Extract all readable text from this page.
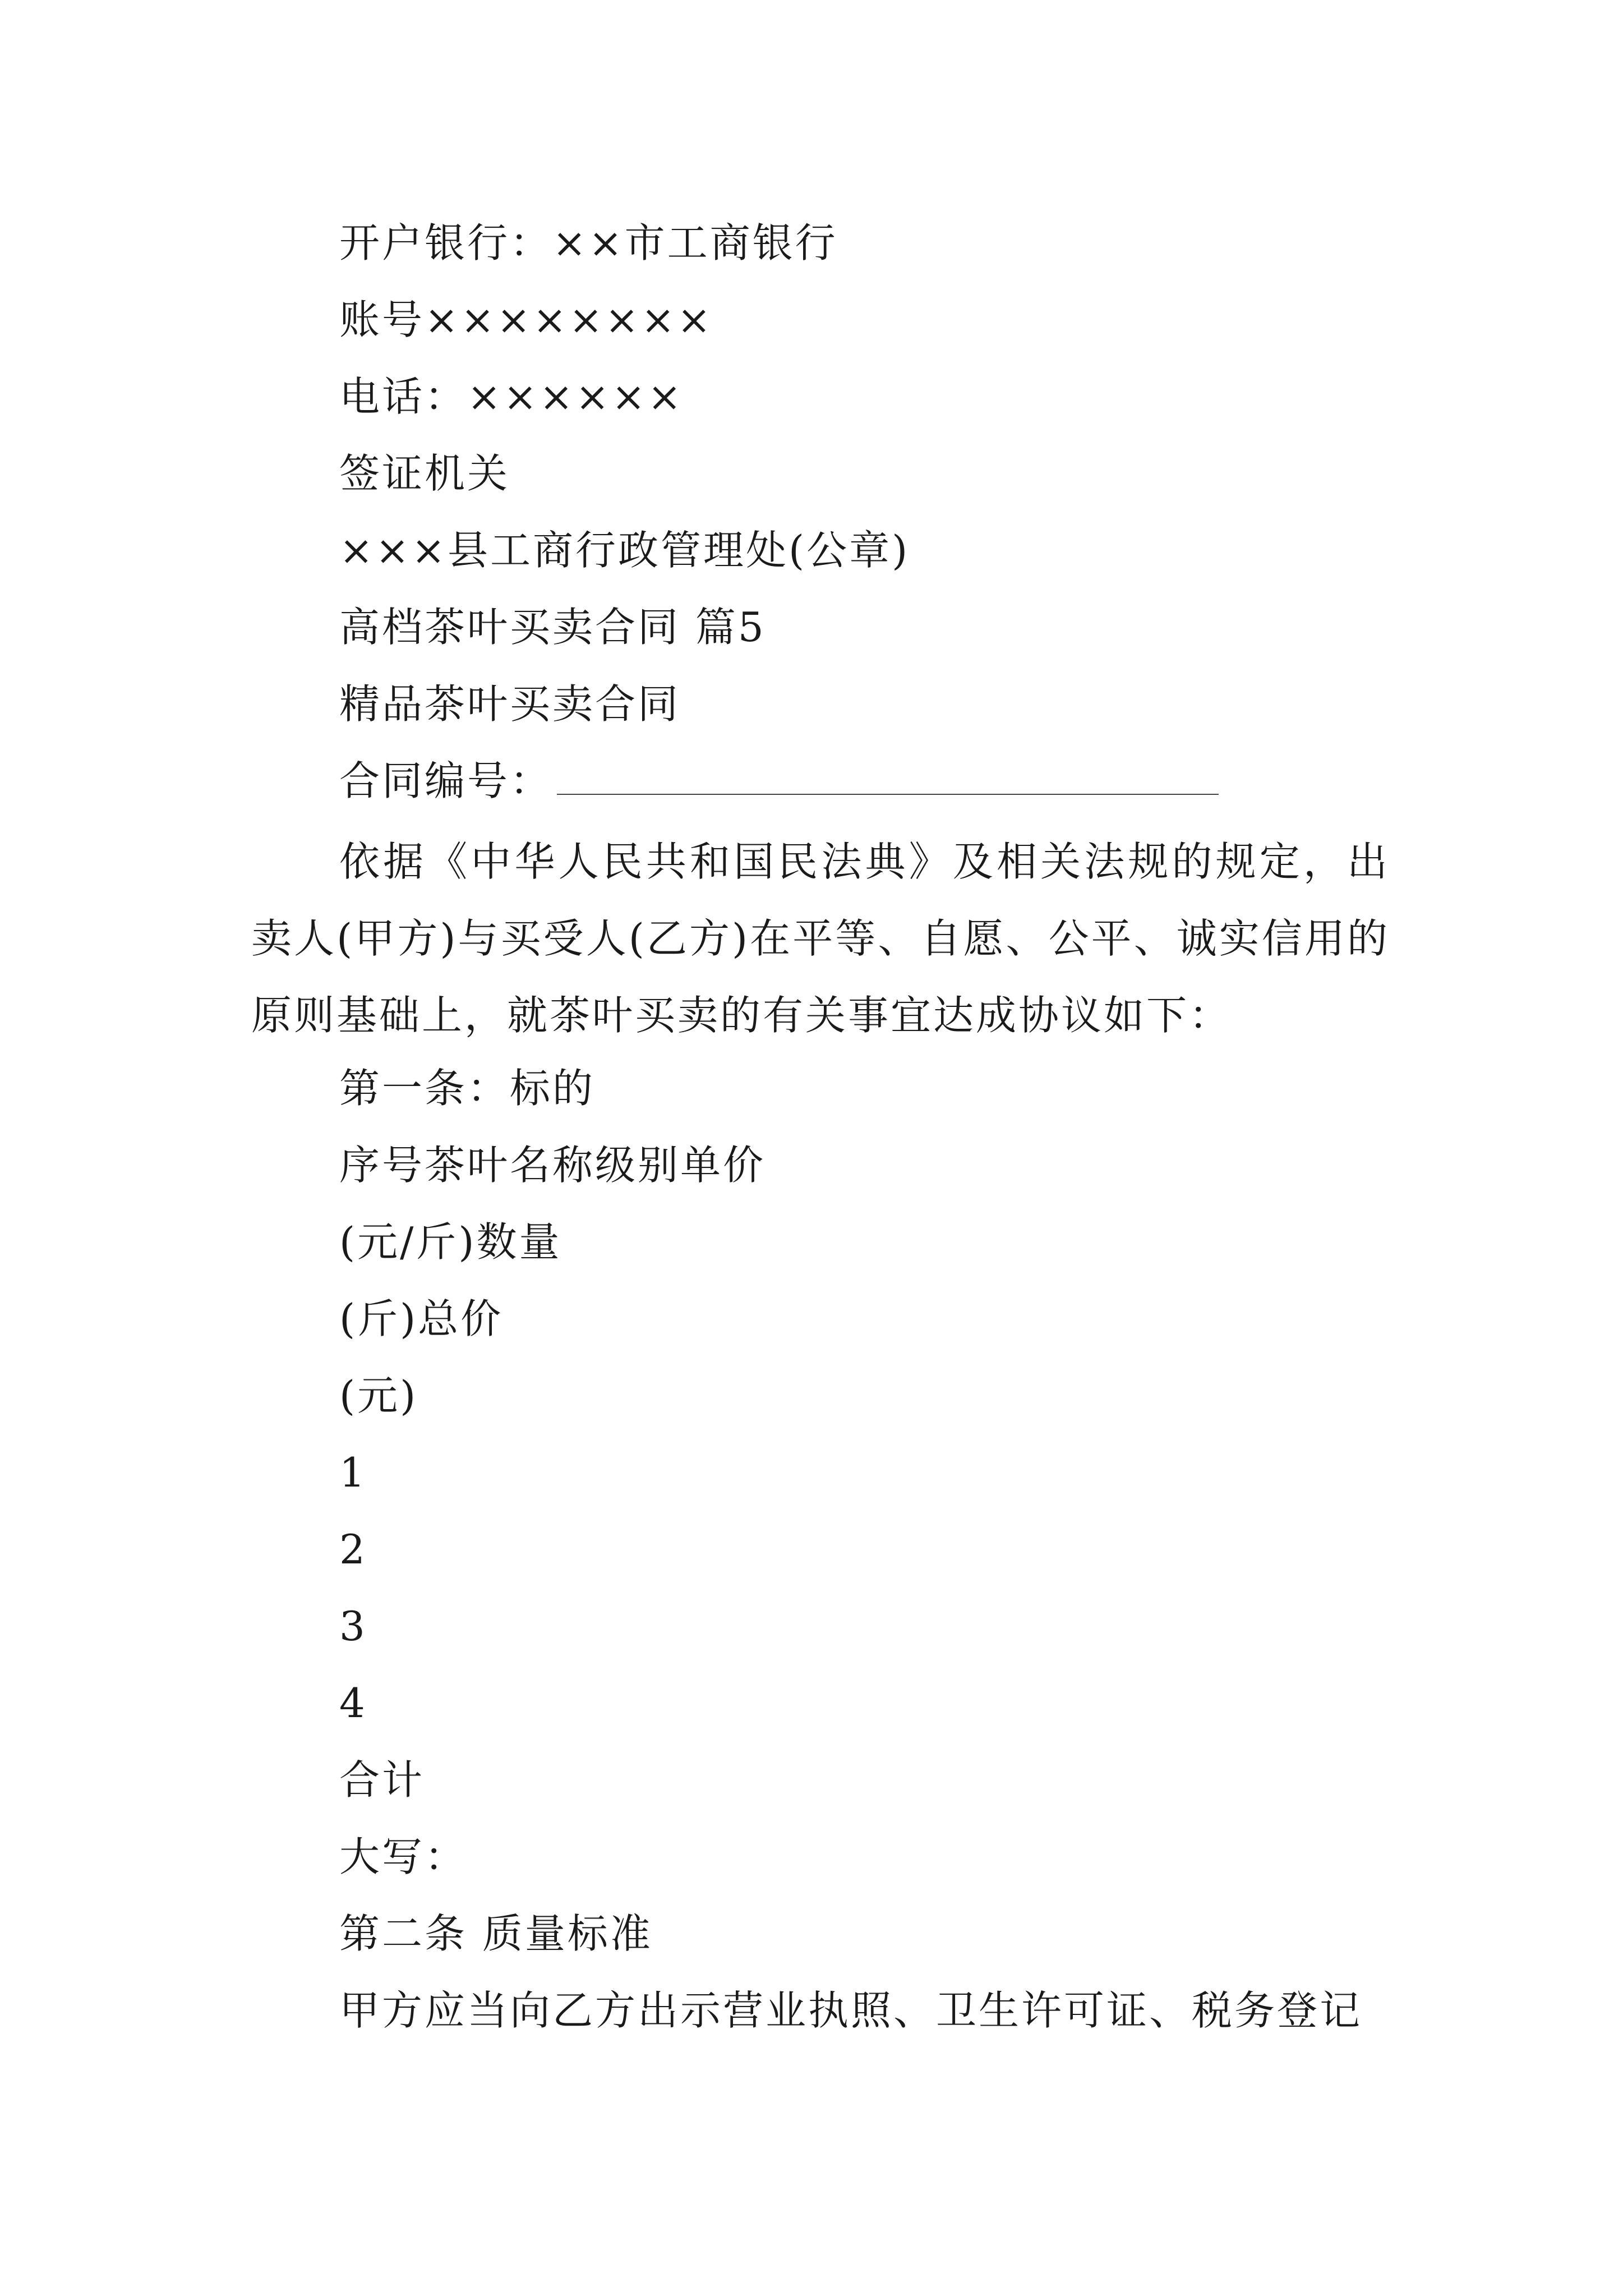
开户银行：××市工商银行
账号××××××××
电话：××××××
签证机关
×××县工商行政管理处(公章)
高档茶叶买卖合同 篇5
精品茶叶买卖合同
合同编号：
依据《中华人民共和国民法典》及相关法规的规定，出卖人(甲方)与买受人(乙方)在平等、自愿、公平、诚实信用的原则基础上，就茶叶买卖的有关事宜达成协议如下：
第一条：标的
序号茶叶名称级别单价
(元/斤)数量
(斤)总价
(元)
1
2
3
4
合计
大写：
第二条 质量标准
甲方应当向乙方出示营业执照、卫生许可证、税务登记
